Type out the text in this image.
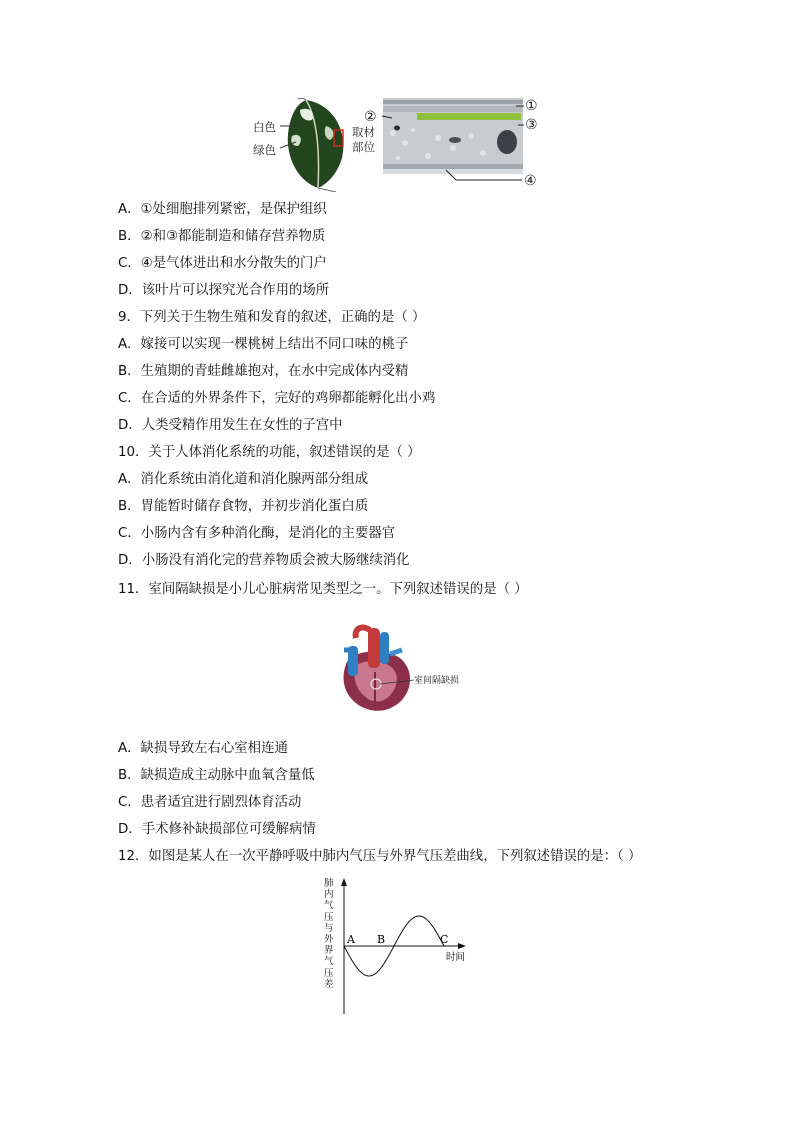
白色
绿色
取材
部位
①
②	③
④
A．①处细胞排列紧密，是保护组织
B．②和③都能制造和储存营养物质
C．④是气体进出和水分散失的门户
D．该叶片可以探究光合作用的场所
9．下列关于生物生殖和发育的叙述，正确的是（ ）
A．嫁接可以实现一棵桃树上结出不同口味的桃子
B．生殖期的青蛙雌雄抱对，在水中完成体内受精
C．在合适的外界条件下，完好的鸡卵都能孵化出小鸡
D．人类受精作用发生在女性的子宫中
10．关于人体消化系统的功能，叙述错误的是（ ）
A．消化系统由消化道和消化腺两部分组成
B．胃能暂时储存食物，并初步消化蛋白质
C．小肠内含有多种消化酶，是消化的主要器官
D．小肠没有消化完的营养物质会被大肠继续消化
11．室间隔缺损是小儿心脏病常见类型之一。下列叙述错误的是（ ）
室间隔缺损
A．缺损导致左右心室相连通
B．缺损造成主动脉中血氧含量低
C．患者适宜进行剧烈体育活动
D．手术修补缺损部位可缓解病情
12．如图是某人在一次平静呼吸中肺内气压与外界气压差曲线，下列叙述错误的是：（ ）
A B	C
时间
肺内气压与外界气压差
